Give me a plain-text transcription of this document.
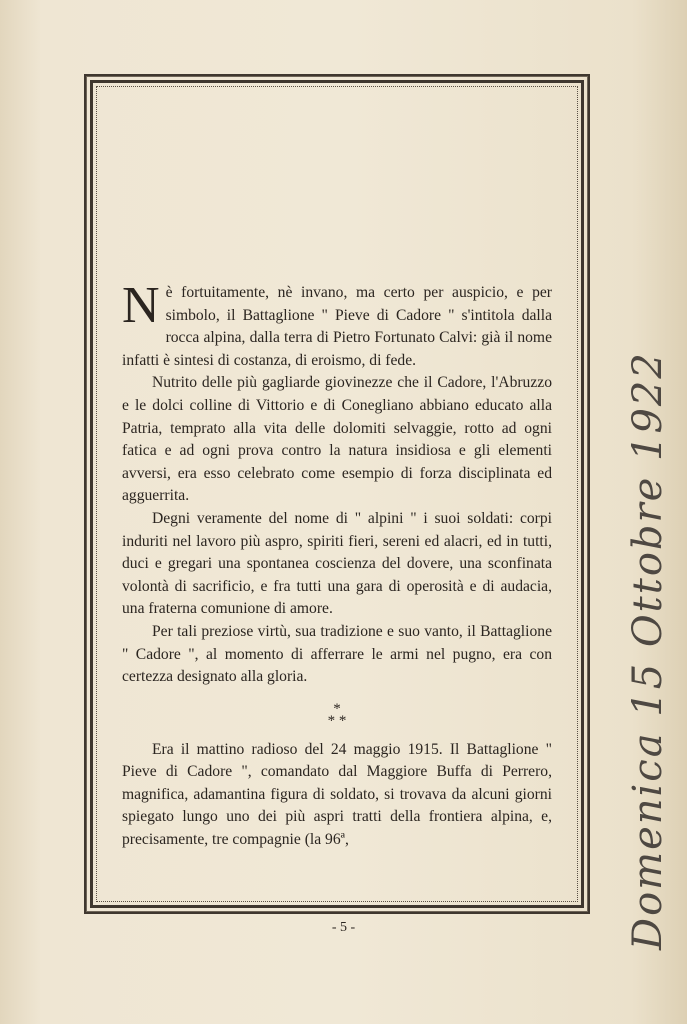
Nè fortuitamente, nè invano, ma certo per auspicio, e per simbolo, il Battaglione " Pieve di Cadore " s'intitola dalla rocca alpina, dalla terra di Pietro Fortunato Calvi: già il nome infatti è sintesi di costanza, di eroismo, di fede.

Nutrito delle più gagliarde giovinezze che il Cadore, l'Abruzzo e le dolci colline di Vittorio e di Conegliano abbiano educato alla Patria, temprato alla vita delle dolomiti selvaggie, rotto ad ogni fatica e ad ogni prova contro la natura insidiosa e gli elementi avversi, era esso celebrato come esempio di forza disciplinata ed agguerrita.

Degni veramente del nome di " alpini " i suoi soldati: corpi induriti nel lavoro più aspro, spiriti fieri, sereni ed alacri, ed in tutti, duci e gregari una spontanea coscienza del dovere, una sconfinata volontà di sacrificio, e fra tutti una gara di operosità e di audacia, una fraterna comunione di amore.

Per tali preziose virtù, sua tradizione e suo vanto, il Battaglione " Cadore ", al momento di afferrare le armi nel pugno, era con certezza designato alla gloria.

*
* *

Era il mattino radioso del 24 maggio 1915. Il Battaglione " Pieve di Cadore ", comandato dal Maggiore Buffa di Perrero, magnifica, adamantina figura di soldato, si trovava da alcuni giorni spiegato lungo uno dei più aspri tratti della frontiera alpina, e, precisamente, tre compagnie (la 96ª,

- 5 -	Domenica 15 Ottobre 1922
